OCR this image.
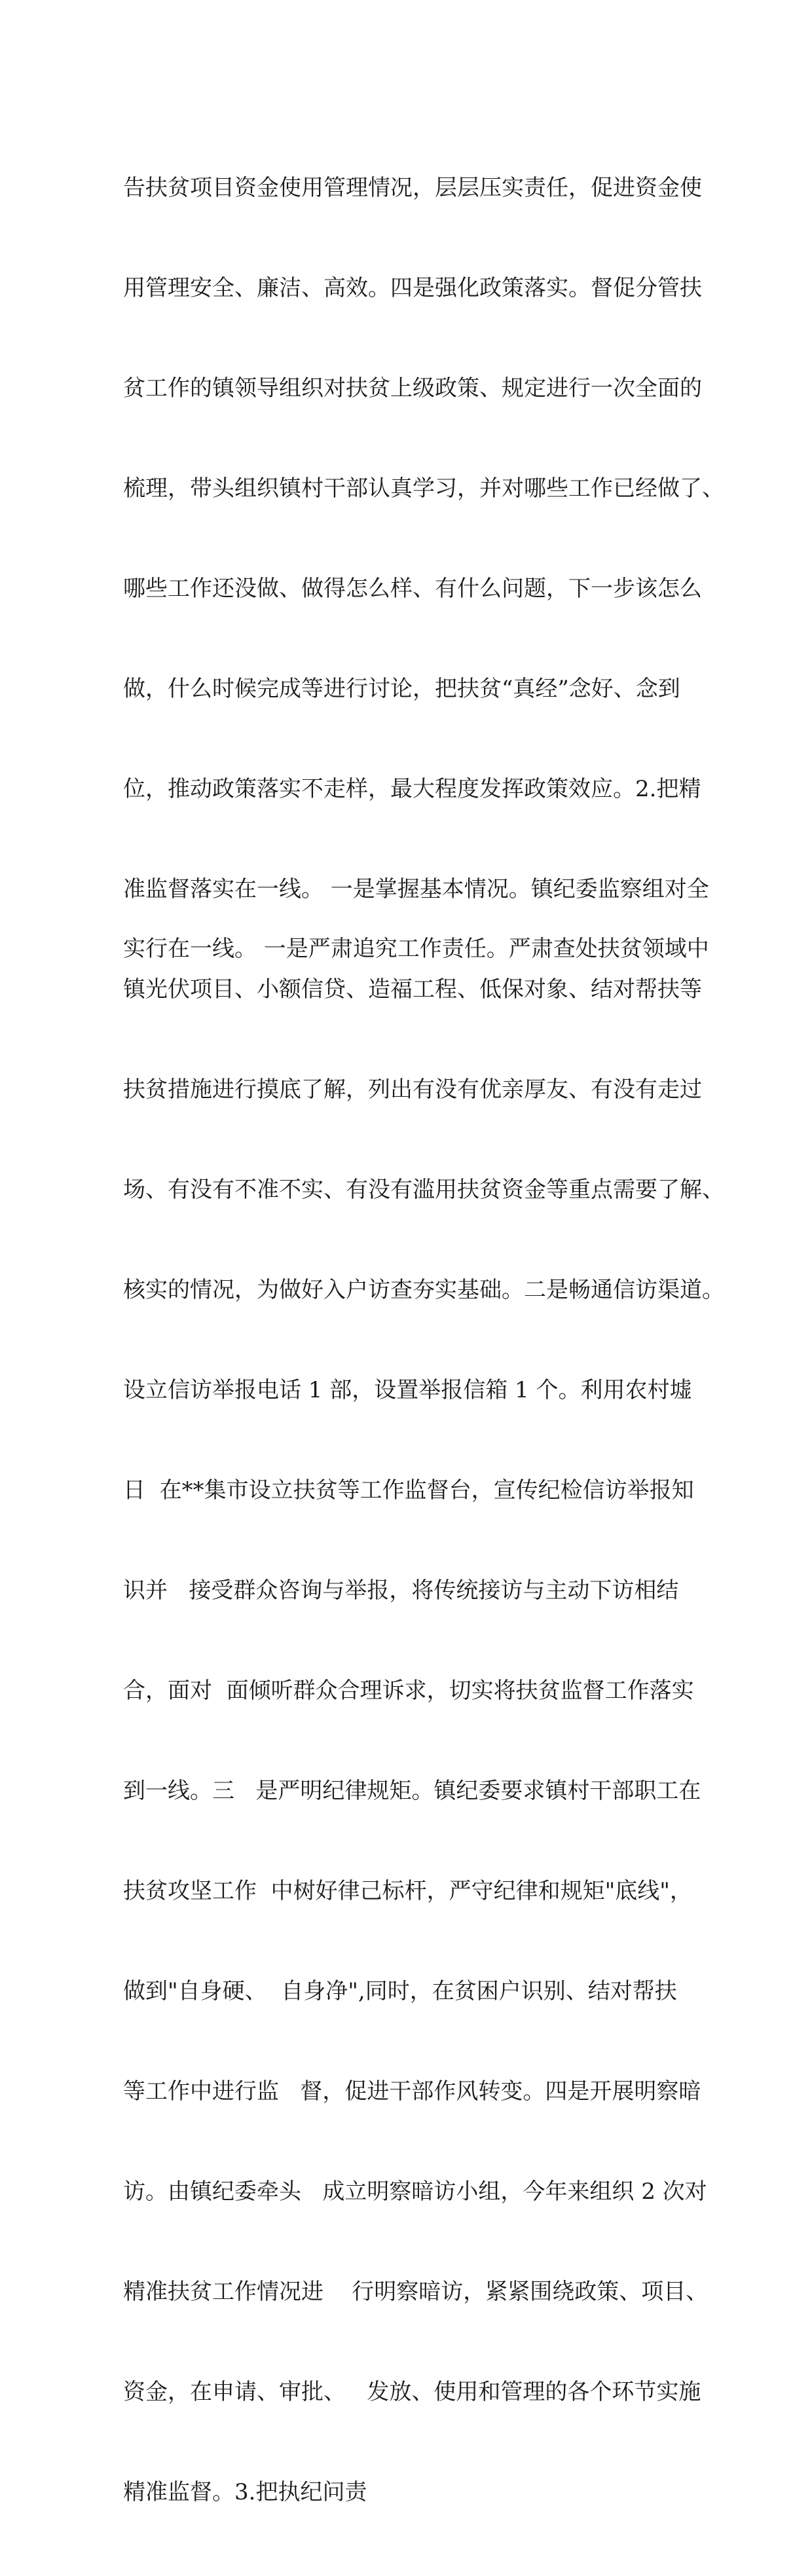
告扶贫项目资金使用管理情况，层层压实责任，促进资金使

用管理安全、廉洁、高效。四是强化政策落实。督促分管扶

贫工作的镇领导组织对扶贫上级政策、规定进行一次全面的

梳理，带头组织镇村干部认真学习，并对哪些工作已经做了、

哪些工作还没做、做得怎么样、有什么问题，下一步该怎么

做，什么时候完成等进行讨论，把扶贫“真经”念好、念到

位，推动政策落实不走样，最大程度发挥政策效应。2.把精

准监督落实在一线。 一是掌握基本情况。镇纪委监察组对全

镇光伏项目、小额信贷、造福工程、低保对象、结对帮扶等

扶贫措施进行摸底了解，列出有没有优亲厚友、有没有走过

场、有没有不准不实、有没有滥用扶贫资金等重点需要了解、

核实的情况，为做好入户访查夯实基础。二是畅通信访渠道。

设立信访举报电话 1 部，设置举报信箱 1 个。利用农村墟

日  在**集市设立扶贫等工作监督台，宣传纪检信访举报知

识并   接受群众咨询与举报，将传统接访与主动下访相结

合，面对  面倾听群众合理诉求，切实将扶贫监督工作落实

到一线。三   是严明纪律规矩。镇纪委要求镇村干部职工在

扶贫攻坚工作  中树好律己标杆，严守纪律和规矩"底线"，

做到"自身硬、  自身净",同时，在贫困户识别、结对帮扶

等工作中进行监   督，促进干部作风转变。四是开展明察暗

访。由镇纪委牵头   成立明察暗访小组，今年来组织 2 次对

精准扶贫工作情况进    行明察暗访，紧紧围绕政策、项目、

资金，在申请、审批、   发放、使用和管理的各个环节实施

精准监督。3.把执纪问责

实行在一线。 一是严肃追究工作责任。严肃查处扶贫领域中
